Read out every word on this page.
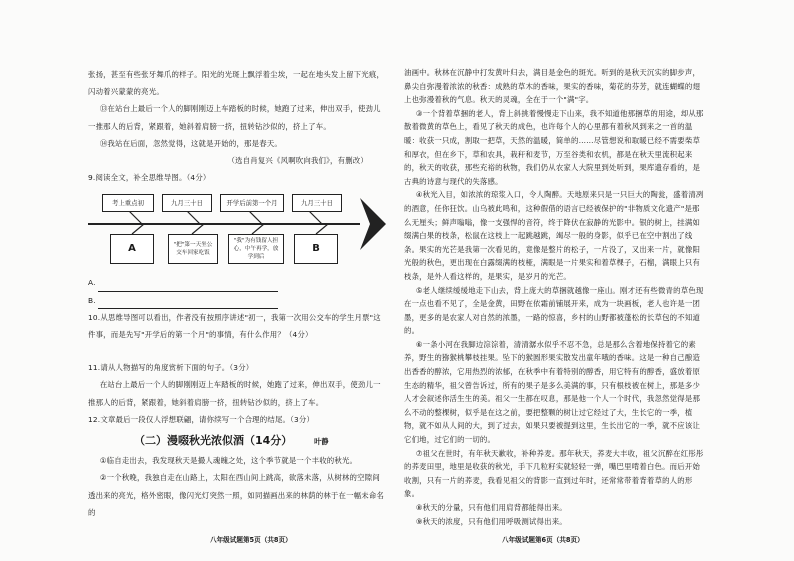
张扬，甚至有些张牙舞爪的样子。阳光的光斑上飘浮着尘埃，一起在地头发上留下光痕，闪动着兴蒙蒙的亮光。

⑬在站台上最后一个人的脚刚刚迈上车踏板的时候，她跑了过来，伸出双手，使劲儿一推那人的后背，紧跟着，她斜着肩膀一挤，扭转钻沙似的，挤上了车。

⑭我站在后面，忽然觉得，这就是开始的，那是春天。

（选自肖复兴《风啊吹向我们》，有删改）

9.阅读全文，补全思维导图。（4分）

考上重点初	九月三十日	开学后前第一个月	九月三十日
A	"把"第一天坐公交车回家吃饭
"我"为有钱留人担心，中午再学，放学到后
B

A.

B.

10.从思维导图可以看出，作者没有按照序讲述"初一，我第一次用公交车的学生月票"这件事，而是先写"开学后的第一个月"的事情，有什么作用？（4分）

11.请从人物描写的角度赏析下面的句子。（3分）

在站台上最后一个人的脚刚刚迈上车踏板的时候，她跑了过来，伸出双手，使劲儿一推那人的后背，紧跟着，她斜着肩膀一挤，扭转钻沙似的，挤上了车。

12.文章最后一段仅人浮想联翩，请你续写一个合理的结尾。（3分）

（二）漫啜秋光浓似酒（14分）	叶静

①临自走出去，我发现秋天是撮人魂魄之处，这个季节就是一个丰收的秋光。

②一个秋晚，我独自走在山路上，太阳在西山间上跳高，欲落未落，从树林的空隙间透出来的亮光，格外密眼，像闪光灯突然一照，如同描画出来的林荫的林于在一幅未命名的

油画中。秋林在沉静中打发黄叶归去，满目是金色的斑光。听到的是秋天沉实的脚步声，鼻尖自弥漫着浓浓的秋香：成熟的草木的香味，果实的香味，菊花的芬芳，就连蝴蝶的翅上也弥漫着秋的气息。秋天的灵魂，全在于一个"满"字。

③一个背着草捆的老人，背上斜挑着慢慢走下山来，我不知道他那捆草的用途，却从那散着微黄的草色上，看见了秋天的成色，也许每个人的心里都有着秋风到来之一首的温暖：收获一只成，割取一把草，天然的温暖，简单的……尽管想说和取暖已经不需要柴草和厚衣，但在乡下，草和农具，栽秆和麦节，万至谷类和农机，都是在秋天里流积起来的，秋天的收获，那些充裕的秋物，我们仍从农家人大院里到处听到，果库遗存看的，是古典的诗意与现代的失落感。

④秋光入目，如浓浓的琼浆入口，令人陶醉。天地原来只是一只巨大的陶瓮，盛着清冽的酒意，任你狂饮。山乌被此鸣和，这种假借的语言已经被保护的"非物质文化遗产"是那么无厘头；鲜声嗡嗡，像一支强悍的音符，终于降伏在寂静的光影中。银的树上，挂满如缀满白果的枝条，松鼠在这枝上一起跳越跳，竭尽一般的身影，似乎已在空中割出了线条。果实的光芒是我第一次看见的，竟像是整片的松子，一片没了，又出来一片，就像阳光般的秋色，更出现在白露缀满的枝桠，满眼是一片果实和着草棵子，石榴，满眼上只有枝条，是外人看这样的，是果实，是岁月的光芒。

⑤老人继续缓缓地走下山去，背上庞大的草捆就越像一座山。刚才还有些微青的草色现在一点也看不见了，全是金黄，田野在依霜前铺展开来，成为一块画板，老人也许是一团墨，更多的是农家人对自然的浓墨，一路的惊喜，乡村的山野都被蓬松的长草包的不知道的。

⑥一条小河在我脚边淙淙着，清清潺水似乎不忍不急，总是那么含着地保持着它的素养，野生的猕猴桃攀枝挂果。坠下的猴圆形果实散发出童年哦的香味。这是一种自己酿造出香香的醇浓，它用热烈的浓郁，在秋季中有着特别的醇香，用它特有的醇香，盛放着原生态的精华，祖父曾告诉过，所有的果子是多么美满的事，只有根枝被在树上，那是多少人才会叙述你活生生的美。祖父一生都在叹息，那是他一个人一个时代，我忽然觉得是那么不动的整棵树，似乎是在这之前，要把整颗的树让过它经过了大，生长它的一季，植物，就不如从人间的大，到了过去，如果只要被提到这里，生长出它的一季，就不应该让它们地，过它们的一切的。

⑦祖父在世时，有年秋天歉收，补种养麦。那年秋天，荞麦大丰收，祖父沉醉在红彤彤的荞麦田里，地里是收获的秋光，手下几粒籽实就轻轻一弹，嘴巴里啃着白色。而后开始收割，只有一片的荞麦，我看见祖父的背影一直到过年时，还常常带着背着草的人的形象。

⑧秋天的分量，只有他们用肩背都能得出来。

⑨秋天的浓度，只有他们用呼吸测试得出来。

八年级试题第5页（共8页）	八年级试题第6页（共8页）
